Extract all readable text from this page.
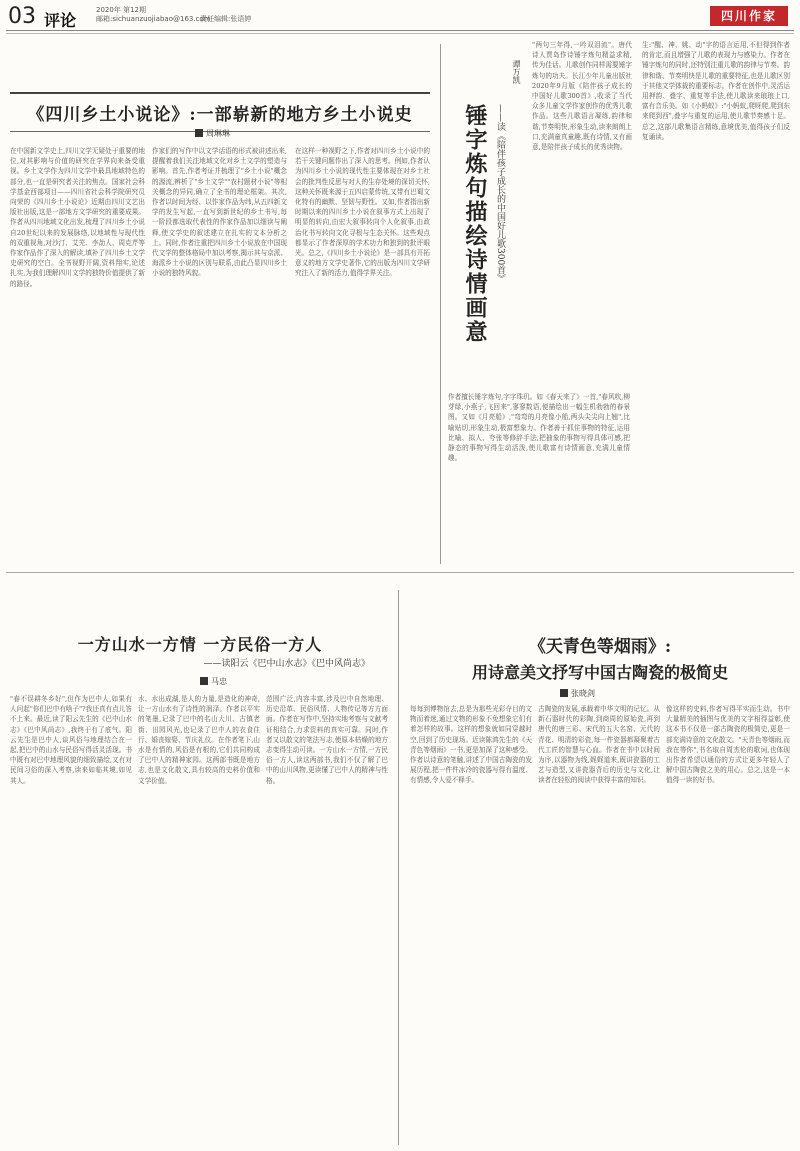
03 评论
2020年 第12期
邮箱:sichuanzuojiabao@163.com
责任编辑:张语婷	四川作家
《四川乡土小说论》:一部崭新的地方乡土小说史
周琳琳
在中国新文学史上,四川文学无疑处于重要的地位,对其影响与价值的研究在学界向来备受重视。乡土文学作为四川文学中最具地域特色的部分,也一直是研究者关注的焦点。国家社会科学基金西部项目——四川省社会科学院研究员向荣的《四川乡土小说论》近期由四川文艺出版社出版,这是一部地方文学研究的重要成果。作者从四川地域文化出发,梳理了四川乡土小说自20世纪以来的发展脉络,以地域性与现代性的双重视角,对沙汀、艾芜、李劼人、周克芹等作家作品作了深入的解读,填补了四川乡土文学史研究的空白。全书视野开阔,资料翔实,论述扎实,为我们理解四川文学的独特价值提供了新的路径。
作家们的写作中以文学话语的形式被讲述出来,提醒着我们关注地域文化对乡土文学的塑造与影响。首先,作者考证并梳理了"乡土小说"概念的源流,辨析了"乡土文学""农村题材小说"等相关概念的异同,确立了全书的理论框架。其次,作者以时间为经、以作家作品为纬,从五四新文学的发生写起,一直写到新世纪的乡土书写,每一阶段都选取代表性的作家作品加以细读与阐释,使文学史的叙述建立在扎实的文本分析之上。同时,作者注重把四川乡土小说放在中国现代文学的整体格局中加以考察,揭示其与京派、海派乡土小说的区别与联系,由此凸显四川乡土小说的独特风貌。
在这样一种视野之下,作者对四川乡土小说中的若干关键问题作出了深入的思考。例如,作者认为四川乡土小说的现代性主要体现在对乡土社会的批判性反思与对人的生存处境的深切关怀,这种关怀既来源于五四启蒙传统,又带有巴蜀文化特有的幽默、坚韧与野性。又如,作者指出新时期以来的四川乡土小说在叙事方式上出现了明显的转向,由宏大叙事转向个人化叙事,由政治化书写转向文化寻根与生态关怀。这些观点都显示了作者深厚的学术功力和独到的批评眼光。总之,《四川乡土小说论》是一部具有开拓意义的地方文学史著作,它的出版为四川文学研究注入了新的活力,值得学界关注。	锤字炼句描绘诗情画意 ——读《陪伴孩子成长的中国好儿歌300首》
谭万凯
"两句三年得,一吟双泪流"。唐代诗人贾岛作诗锤字炼句精益求精,传为佳话。儿歌创作同样需要锤字炼句的功夫。长江少年儿童出版社2020年9月版《陪伴孩子成长的中国好儿歌300首》,收录了当代众多儿童文学作家创作的优秀儿歌作品。这些儿歌语言凝练,韵律和谐,节奏明快,形象生动,读来朗朗上口,充满童真童趣,既有诗情,又有画意,是陪伴孩子成长的优秀读物。
作者擅长锤字炼句,字字珠玑。如《春天来了》一首,"春风吹,柳芽绿,小燕子,飞回来",寥寥数语,便描绘出一幅生机勃勃的春景图。又如《月亮船》,"弯弯的月亮像小船,两头尖尖向上翘",比喻贴切,形象生动,极富想象力。作者善于抓住事物的特征,运用比喻、拟人、夸张等修辞手法,把抽象的事物写得具体可感,把静态的事物写得生动活泼,使儿歌富有诗情画意,充满儿童情趣。
生:"醒、神、姚、动"字的语言运用,不但得到作者的肯定,而且增强了儿歌的表现力与感染力。作者在锤字炼句的同时,还特别注重儿歌的韵律与节奏。韵律和谐、节奏明快是儿歌的重要特征,也是儿歌区别于其他文学体裁的重要标志。作者在创作中,灵活运用押韵、叠字、重复等手法,使儿歌读来琅琅上口,富有音乐美。如《小蚂蚁》:"小蚂蚁,爬呀爬,爬到东来爬到西",叠字与重复的运用,使儿歌节奏感十足。总之,这部儿歌集语言精练,意境优美,值得孩子们反复诵读。
一方山水一方情 一方民俗一方人
——读阳云《巴中山水志》《巴中风尚志》
马忠
"春不误耕冬乡好",但作为巴中人,如果有人问起"你们巴中有啥子"?我还真有点儿答不上来。最近,读了阳云先生的《巴中山水志》《巴中风尚志》,我终于有了底气。阳云先生是巴中人,谈风俗与地理结合在一起,把巴中的山水与民俗写得活灵活现。书中既有对巴中地理风貌的细致描绘,又有对民间习俗的深入考察,读来如临其境,如见其人。
水、水出成湖,是人的力量,是造化的神奇,让一方山水有了诗性的润泽。作者以平实的笔墨,记录了巴中的名山大川、古镇老街、田园风光,也记录了巴中人的衣食住行、婚丧嫁娶、节庆礼仪。在作者笔下,山水是有情的,风俗是有根的,它们共同构成了巴中人的精神家园。这两部书既是地方志,也是文化散文,具有较高的史料价值和文学价值。
范围广泛,内容丰富,涉及巴中自然地理、历史沿革、民俗风情、人物传记等方方面面。作者在写作中,坚持实地考察与文献考证相结合,力求资料的真实可靠。同时,作者又以散文的笔法写志,使原本枯燥的地方志变得生动可读。一方山水一方情,一方民俗一方人,读这两部书,我们不仅了解了巴中的山川风物,更读懂了巴中人的精神与性格。
《天青色等烟雨》:
用诗意美文抒写中国古陶瓷的极简史
张晓剑
每每到博物馆去,总是为那些光彩夺目的文物而着迷,通过文物的形象不免想象它们有着怎样的故事。这样的想象就如同穿越时空,回到了历史现场。近读陈鸿先生的《天青色等烟雨》一书,更是加深了这种感受。作者以诗意的笔触,讲述了中国古陶瓷的发展历程,把一件件冰冷的瓷器写得有温度、有情感,令人爱不释手。
古陶瓷的发展,承载着中华文明的记忆。从新石器时代的彩陶,到商周的原始瓷,再到唐代的唐三彩、宋代的五大名窑、元代的青花、明清的彩瓷,每一件瓷器都凝聚着古代工匠的智慧与心血。作者在书中以时间为序,以器物为线,娓娓道来,既讲瓷器的工艺与造型,又讲瓷器背后的历史与文化,让读者在轻松的阅读中获得丰富的知识。
像这样的史料,作者写得平实而生动。书中大量精美的插图与优美的文字相得益彰,使这本书不仅是一部古陶瓷的极简史,更是一部充满诗意的文化散文。"天青色等烟雨,而我在等你",书名取自周杰伦的歌词,也体现出作者希望以通俗的方式让更多年轻人了解中国古陶瓷之美的用心。总之,这是一本值得一读的好书。
